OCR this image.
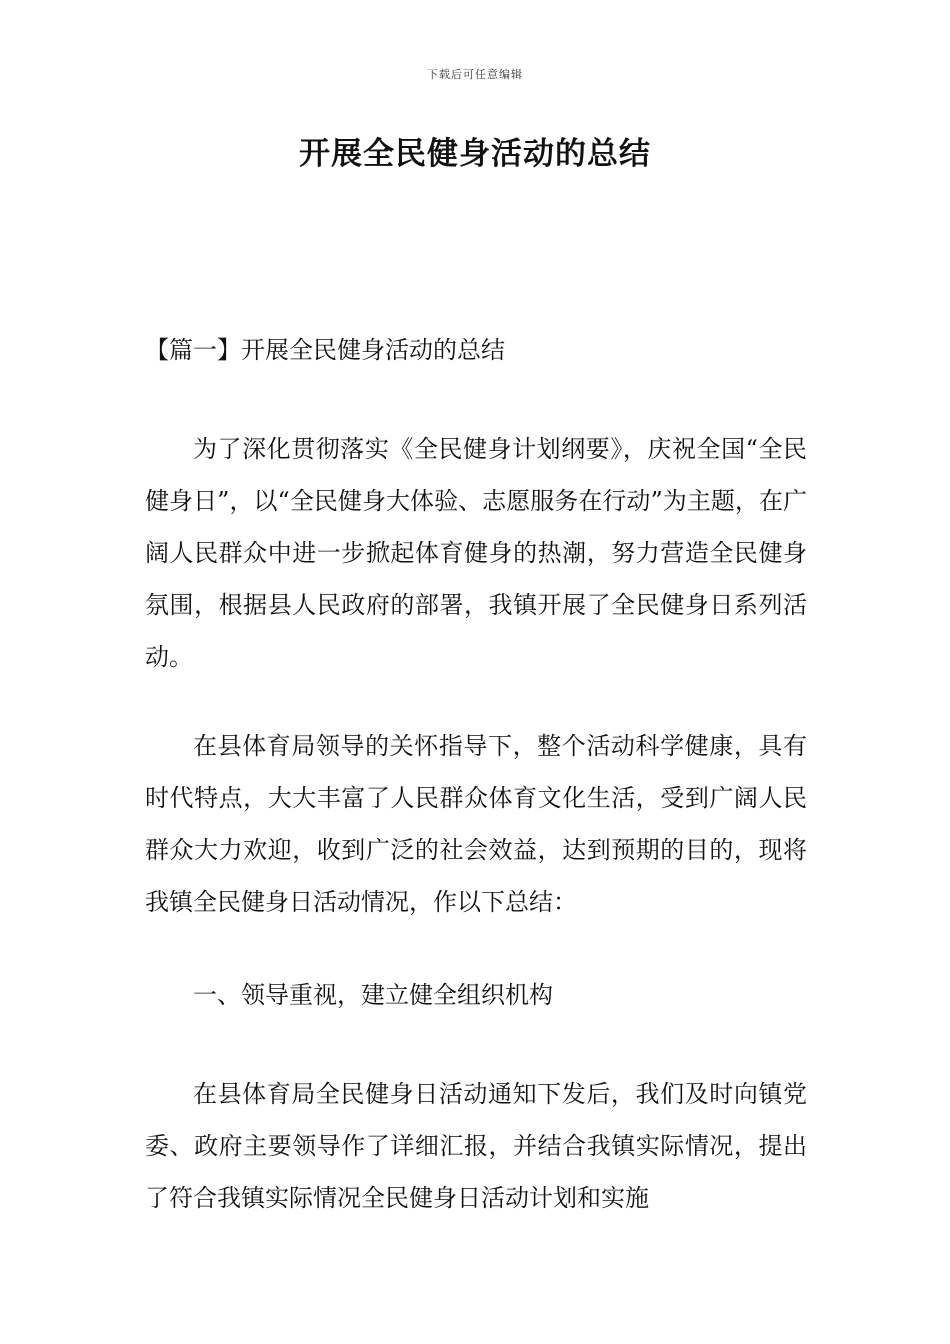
下载后可任意编辑
开展全民健身活动的总结

【篇一】开展全民健身活动的总结

为了深化贯彻落实《全民健身计划纲要》，庆祝全国“全民健身日”，以“全民健身大体验、志愿服务在行动”为主题，在广阔人民群众中进一步掀起体育健身的热潮，努力营造全民健身氛围，根据县人民政府的部署，我镇开展了全民健身日系列活动。

在县体育局领导的关怀指导下，整个活动科学健康，具有时代特点，大大丰富了人民群众体育文化生活，受到广阔人民群众大力欢迎，收到广泛的社会效益，达到预期的目的，现将我镇全民健身日活动情况，作以下总结：

一、领导重视，建立健全组织机构

在县体育局全民健身日活动通知下发后，我们及时向镇党委、政府主要领导作了详细汇报，并结合我镇实际情况，提出了符合我镇实际情况全民健身日活动计划和实施
